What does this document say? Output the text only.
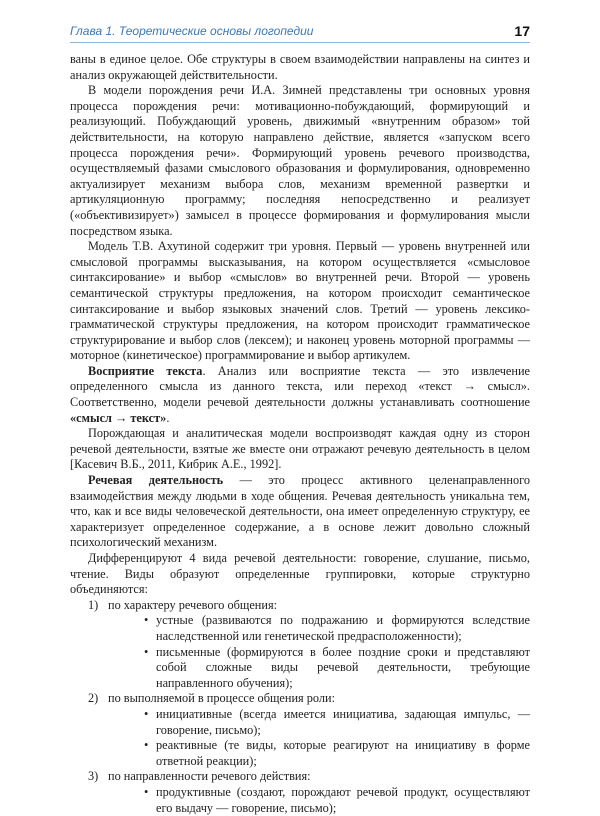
Глава 1. Теоретические основы логопедии	17

ваны в единое целое. Обе структуры в своем взаимодействии направлены на синтез и анализ окружающей действительности.

В модели порождения речи И.А. Зимней представлены три основных уровня процесса порождения речи: мотивационно-побуждающий, формирующий и реализующий. Побуждающий уровень, движимый «внутренним образом» той действительности, на которую направлено действие, является «запуском всего процесса порождения речи». Формирующий уровень речевого производства, осуществляемый фазами смыслового образования и формулирования, одновременно актуализирует механизм выбора слов, механизм временной развертки и артикуляционную программу; последняя непосредственно и реализует («объективизирует») замысел в процессе формирования и формулирования мысли посредством языка.

Модель Т.В. Ахутиной содержит три уровня. Первый — уровень внутренней или смысловой программы высказывания, на котором осуществляется «смысловое синтаксирование» и выбор «смыслов» во внутренней речи. Второй — уровень семантической структуры предложения, на котором происходит семантическое синтаксирование и выбор языковых значений слов. Третий — уровень лексико-грамматической структуры предложения, на котором происходит грамматическое структурирование и выбор слов (лексем); и наконец уровень моторной программы — моторное (кинетическое) программирование и выбор артикулем.

Восприятие текста. Анализ или восприятие текста — это извлечение определенного смысла из данного текста, или переход «текст → смысл». Соответственно, модели речевой деятельности должны устанавливать соотношение «смысл → текст».

Порождающая и аналитическая модели воспроизводят каждая одну из сторон речевой деятельности, взятые же вместе они отражают речевую деятельность в целом [Касевич В.Б., 2011, Кибрик А.Е., 1992].

Речевая деятельность — это процесс активного целенаправленного взаимодействия между людьми в ходе общения. Речевая деятельность уникальна тем, что, как и все виды человеческой деятельности, она имеет определенную структуру, ее характеризует определенное содержание, а в основе лежит довольно сложный психологический механизм.

Дифференцируют 4 вида речевой деятельности: говорение, слушание, письмо, чтение. Виды образуют определенные группировки, которые структурно объединяются:

1) по характеру речевого общения:
• устные (развиваются по подражанию и формируются вследствие наследственной или генетической предрасположенности);
• письменные (формируются в более поздние сроки и представляют собой сложные виды речевой деятельности, требующие направленного обучения);
2) по выполняемой в процессе общения роли:
• инициативные (всегда имеется инициатива, задающая импульс, — говорение, письмо);
• реактивные (те виды, которые реагируют на инициативу в форме ответной реакции);
3) по направленности речевого действия:
• продуктивные (создают, порождают речевой продукт, осуществляют его выдачу — говорение, письмо);
